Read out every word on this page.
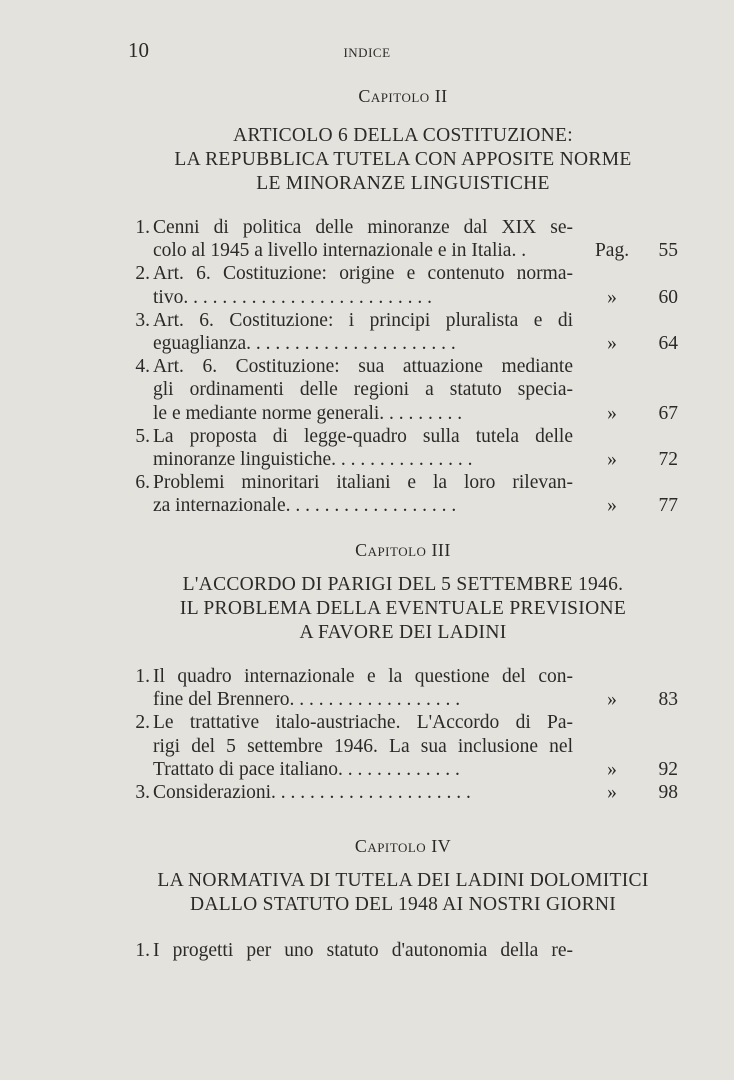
10	INDICE
Capitolo II
ARTICOLO 6 DELLA COSTITUZIONE:
LA REPUBBLICA TUTELA CON APPOSITE NORME
LE MINORANZE LINGUISTICHE
1. Cenni di politica delle minoranze dal XIX se-
colo al 1945 a livello internazionale e in Italia. .	Pag.	55
2. Art. 6. Costituzione: origine e contenuto norma-
tivo. . . . . . . . . . . . . . . . . . . . . . . . . .	»	60
3. Art. 6. Costituzione: i principi pluralista e di
eguaglianza. . . . . . . . . . . . . . . . . . . . . .	»	64
4. Art. 6. Costituzione: sua attuazione mediante
gli ordinamenti delle regioni a statuto specia-
le e mediante norme generali. . . . . . . . .	»	67
5. La proposta di legge-quadro sulla tutela delle
minoranze linguistiche. . . . . . . . . . . . . . .	»	72
6. Problemi minoritari italiani e la loro rilevan-
za internazionale. . . . . . . . . . . . . . . . . .	»	77
Capitolo III
L'ACCORDO DI PARIGI DEL 5 SETTEMBRE 1946.
IL PROBLEMA DELLA EVENTUALE PREVISIONE
A FAVORE DEI LADINI
1. Il quadro internazionale e la questione del con-
fine del Brennero. . . . . . . . . . . . . . . . . .	»	83
2. Le trattative italo-austriache. L'Accordo di Pa-
rigi del 5 settembre 1946. La sua inclusione nel
Trattato di pace italiano. . . . . . . . . . . . .	»	92
3. Considerazioni. . . . . . . . . . . . . . . . . . . . .	»	98
Capitolo IV
LA NORMATIVA DI TUTELA DEI LADINI DOLOMITICI
DALLO STATUTO DEL 1948 AI NOSTRI GIORNI
1. I progetti per uno statuto d'autonomia della re-
